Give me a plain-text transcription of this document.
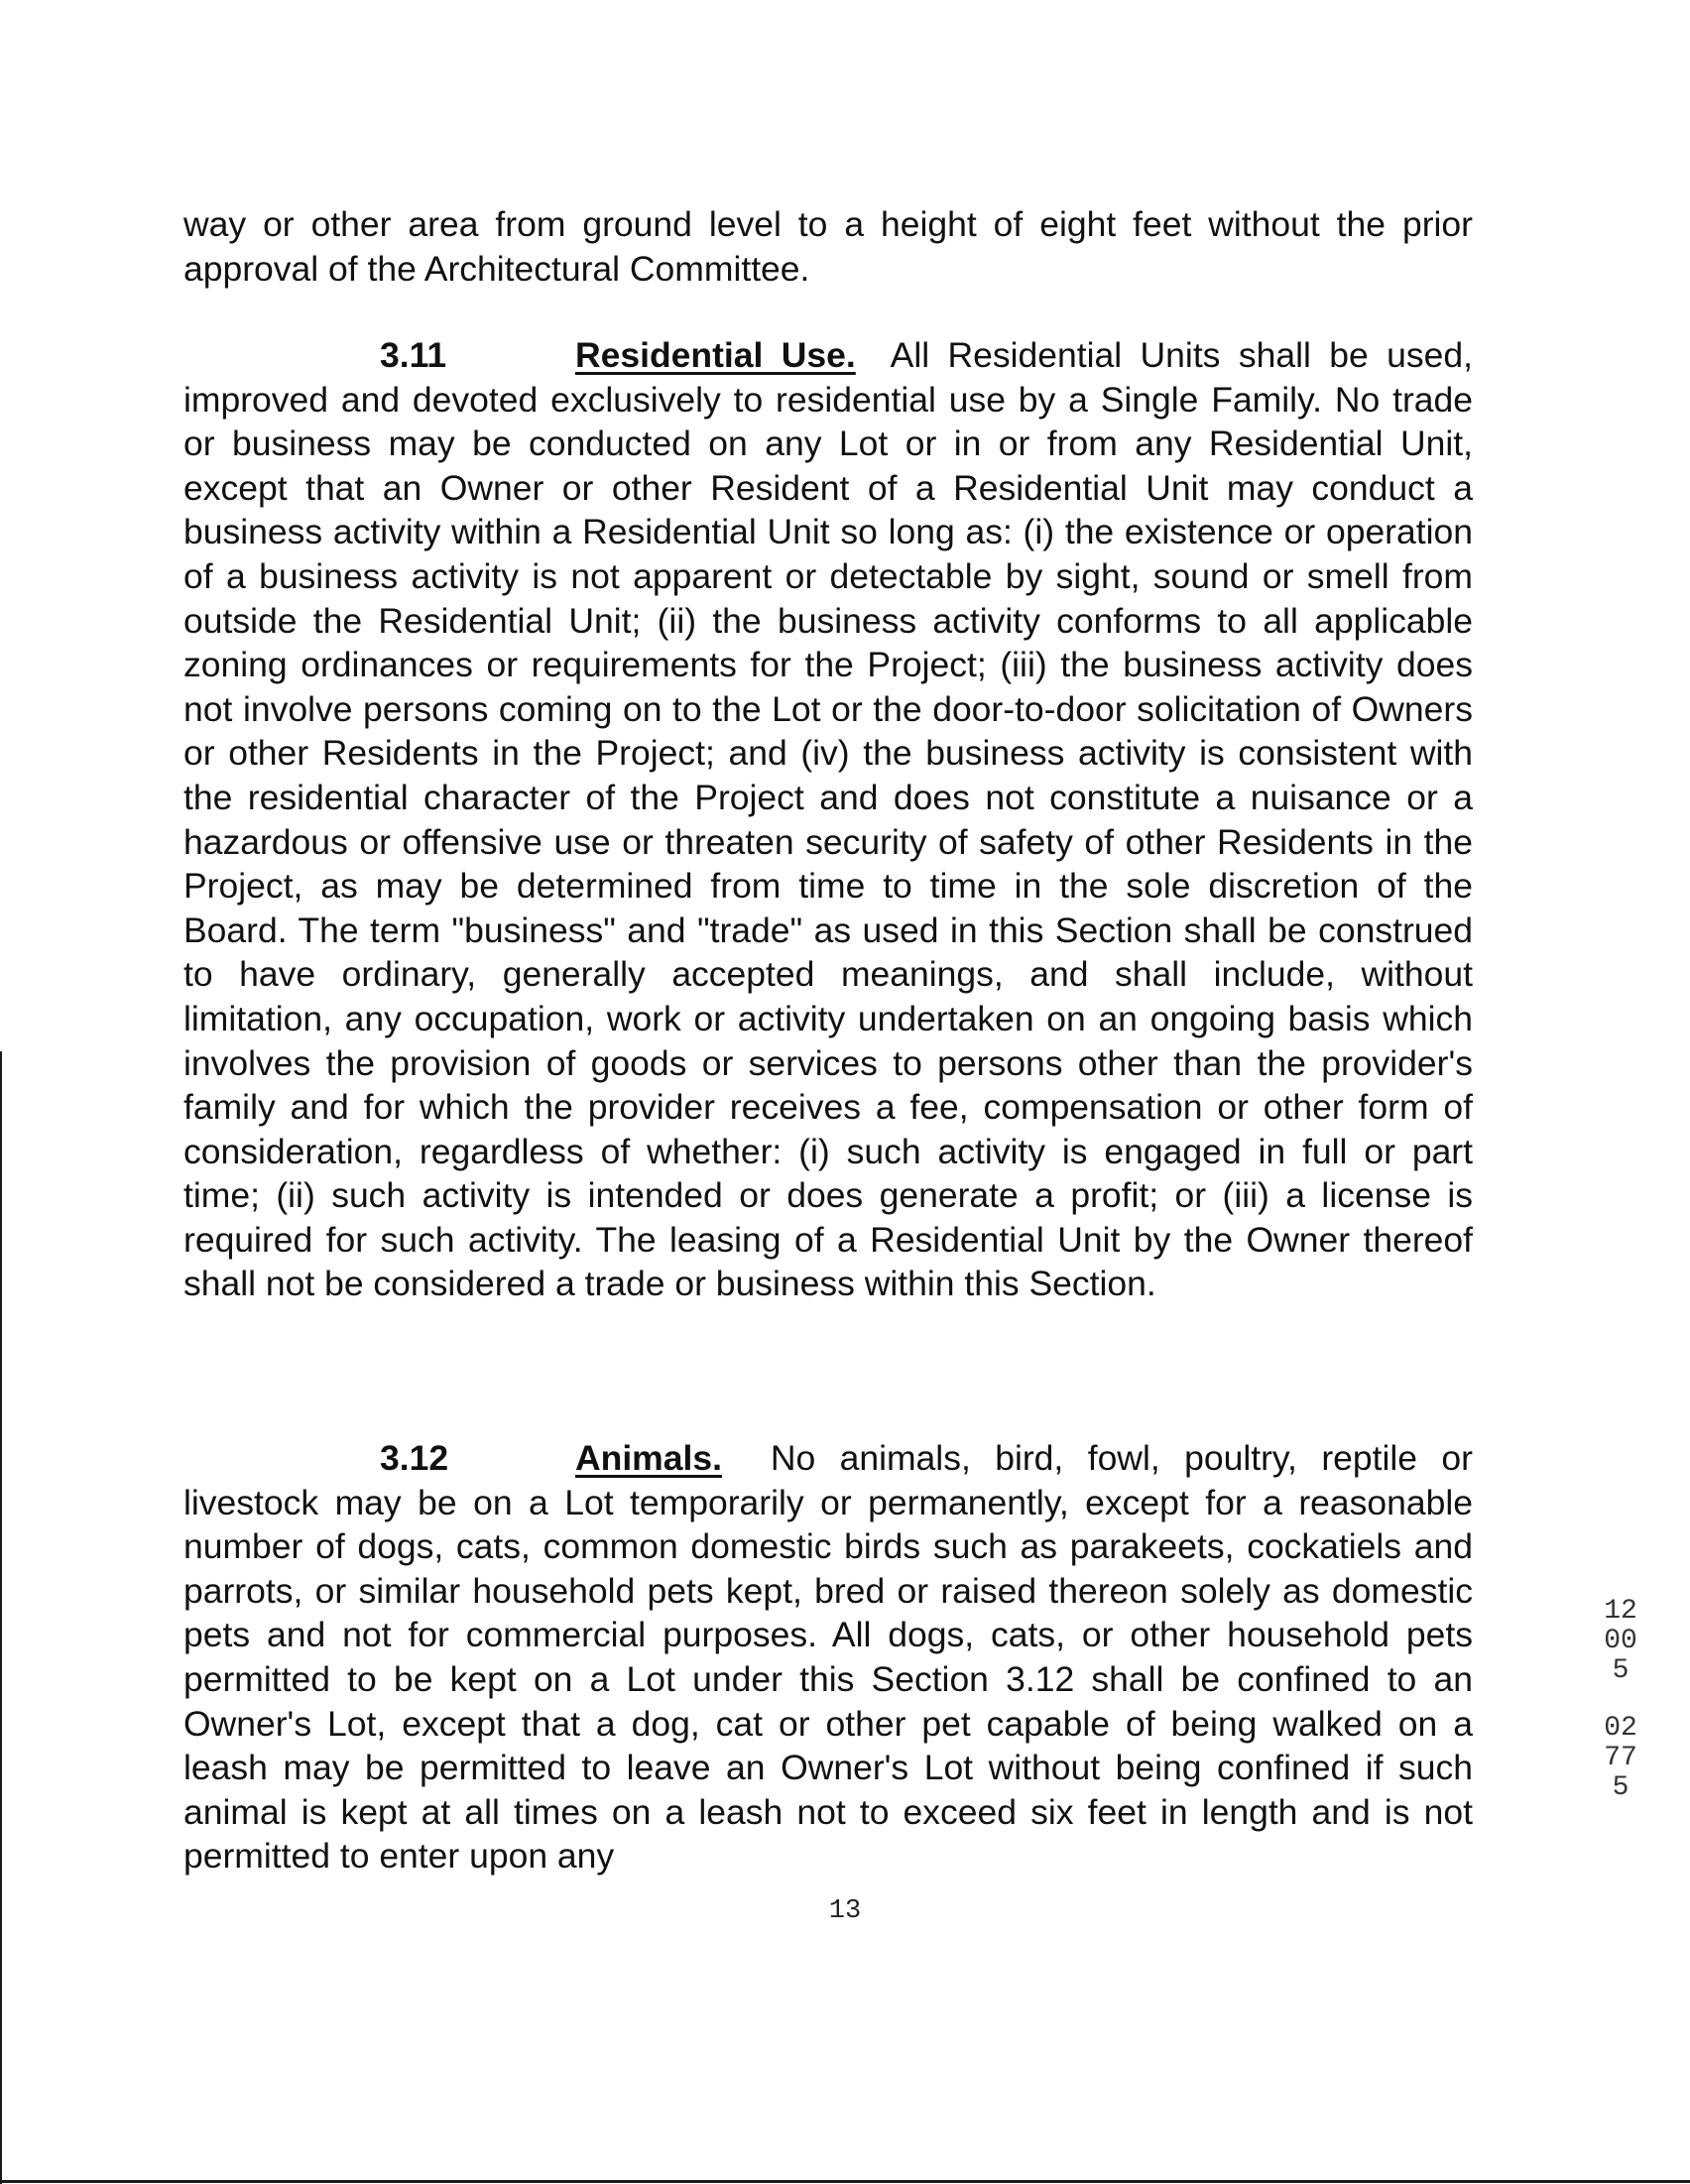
way or other area from ground level to a height of eight feet without the prior approval of the Architectural Committee.

3.11	Residential Use. All Residential Units shall be used, improved and devoted exclusively to residential use by a Single Family. No trade or business may be conducted on any Lot or in or from any Residential Unit, except that an Owner or other Resident of a Residential Unit may conduct a business activity within a Residential Unit so long as: (i) the existence or operation of a business activity is not apparent or detectable by sight, sound or smell from outside the Residential Unit; (ii) the business activity conforms to all applicable zoning ordinances or requirements for the Project; (iii) the business activity does not involve persons coming on to the Lot or the door-to-door solicitation of Owners or other Residents in the Project; and (iv) the business activity is consistent with the residential character of the Project and does not constitute a nuisance or a hazardous or offensive use or threaten security of safety of other Residents in the Project, as may be determined from time to time in the sole discretion of the Board. The term "business" and "trade" as used in this Section shall be construed to have ordinary, generally accepted meanings, and shall include, without limitation, any occupation, work or activity undertaken on an ongoing basis which involves the provision of goods or services to persons other than the provider's family and for which the provider receives a fee, compensation or other form of consideration, regardless of whether: (i) such activity is engaged in full or part time; (ii) such activity is intended or does generate a profit; or (iii) a license is required for such activity. The leasing of a Residential Unit by the Owner thereof shall not be considered a trade or business within this Section.

3.12	Animals. No animals, bird, fowl, poultry, reptile or livestock may be on a Lot temporarily or permanently, except for a reasonable number of dogs, cats, common domestic birds such as parakeets, cockatiels and parrots, or similar household pets kept, bred or raised thereon solely as domestic pets and not for commercial purposes. All dogs, cats, or other household pets permitted to be kept on a Lot under this Section 3.12 shall be confined to an Owner's Lot, except that a dog, cat or other pet capable of being walked on a leash may be permitted to leave an Owner's Lot without being confined if such animal is kept at all times on a leash not to exceed six feet in length and is not permitted to enter upon any

13
12005
02775
